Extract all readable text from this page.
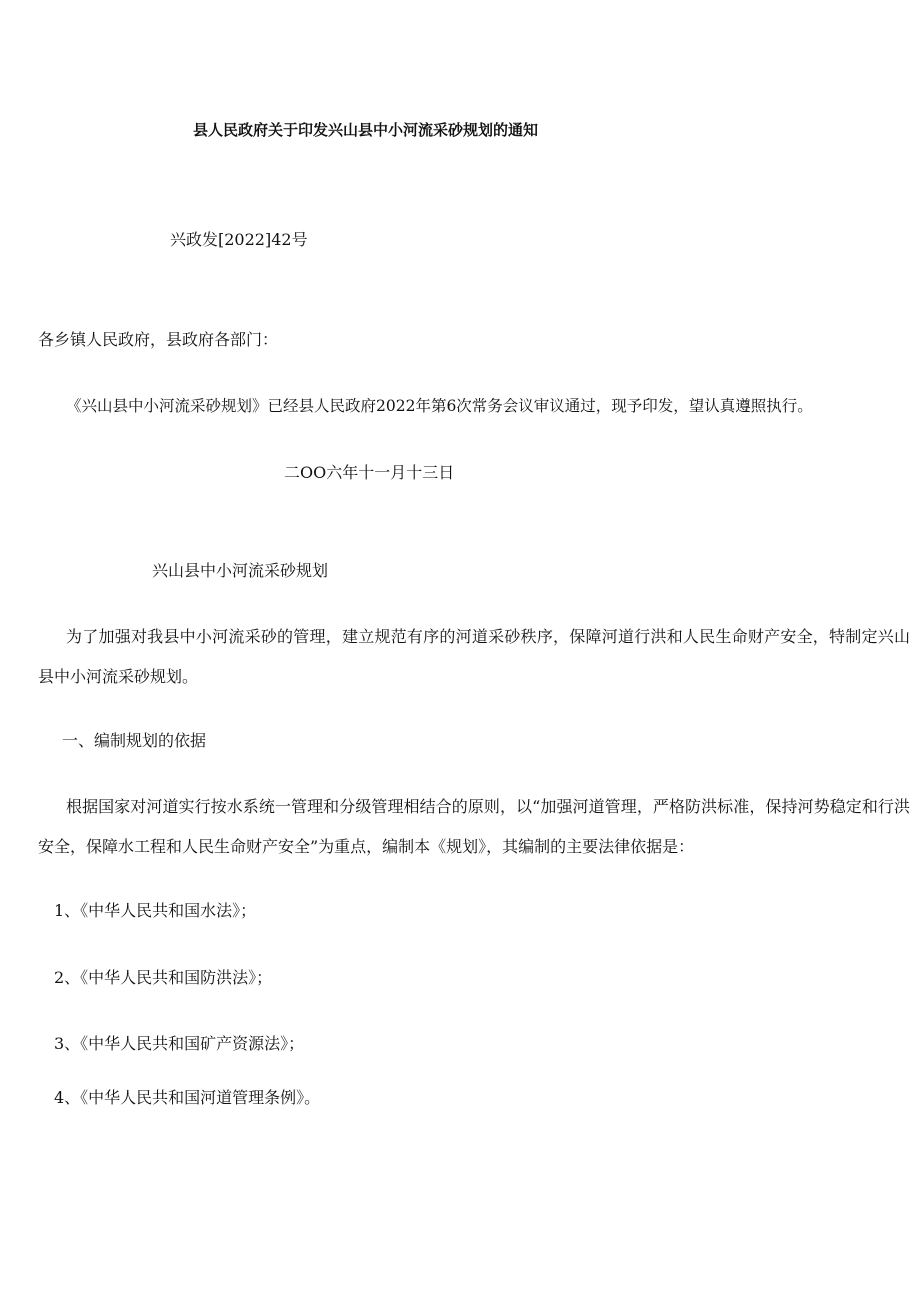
县人民政府关于印发兴山县中小河流采砂规划的通知
兴政发[2022]42号
各乡镇人民政府，县政府各部门：
《兴山县中小河流采砂规划》已经县人民政府2022年第6次常务会议审议通过，现予印发，望认真遵照执行。
二OO六年十一月十三日
兴山县中小河流采砂规划
为了加强对我县中小河流采砂的管理，建立规范有序的河道采砂秩序，保障河道行洪和人民生命财产安全，特制定兴山县中小河流采砂规划。
一、编制规划的依据
根据国家对河道实行按水系统一管理和分级管理相结合的原则，以“加强河道管理，严格防洪标准，保持河势稳定和行洪安全，保障水工程和人民生命财产安全”为重点，编制本《规划》，其编制的主要法律依据是：
1、《中华人民共和国水法》；
2、《中华人民共和国防洪法》；
3、《中华人民共和国矿产资源法》；
4、《中华人民共和国河道管理条例》。
